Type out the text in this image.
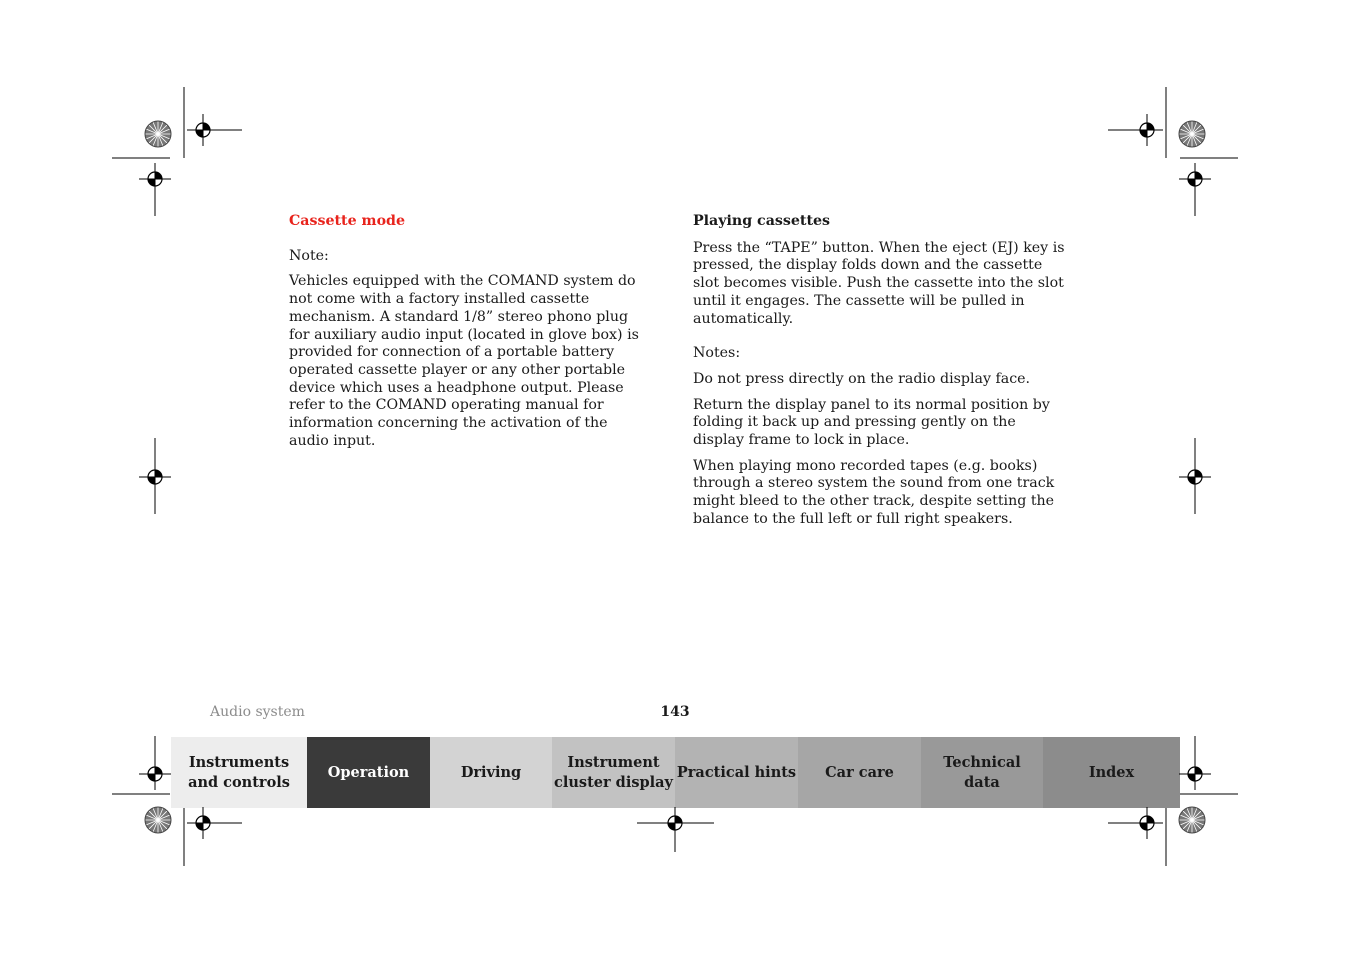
Cassette mode

Note:

Vehicles equipped with the COMAND system do not come with a factory installed cassette mechanism. A standard 1/8” stereo phono plug for auxiliary audio input (located in glove box) is provided for connection of a portable battery operated cassette player or any other portable device which uses a headphone output. Please refer to the COMAND operating manual for information concerning the activation of the audio input.

Playing cassettes

Press the “TAPE” button. When the eject (EJ) key is pressed, the display folds down and the cassette slot becomes visible. Push the cassette into the slot until it engages. The cassette will be pulled in automatically.

Notes:

Do not press directly on the radio display face.

Return the display panel to its normal position by folding it back up and pressing gently on the display frame to lock in place.

When playing mono recorded tapes (e.g. books) through a stereo system the sound from one track might bleed to the other track, despite setting the balance to the full left or full right speakers.

Audio system	143
Instruments
and controls
Operation	Driving
Instrument
cluster display
Practical hints	Car care
Technical
data
Index
